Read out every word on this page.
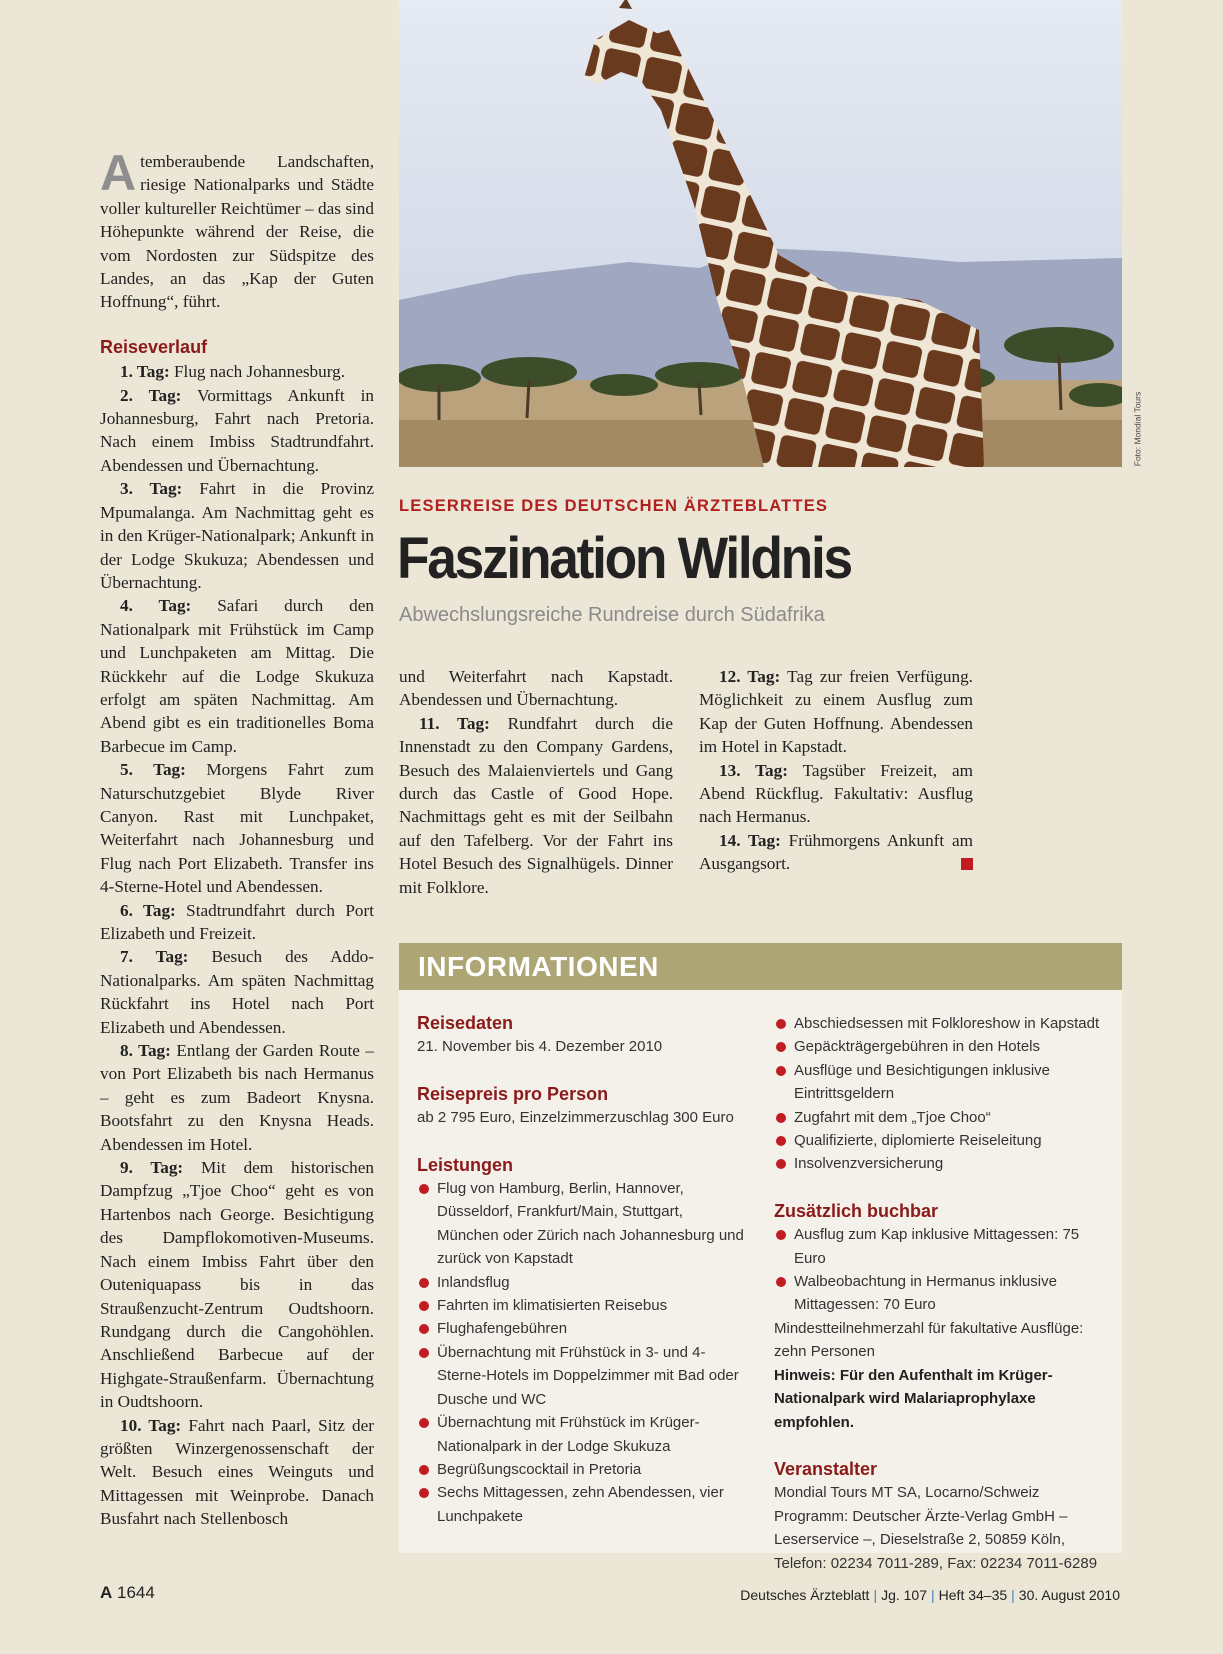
Atemberaubende Landschaften, riesige Nationalparks und Städte voller kultureller Reichtümer – das sind Höhepunkte während der Reise, die vom Nordosten zur Südspitze des Landes, an das „Kap der Guten Hoffnung“, führt.

Reiseverlauf

1. Tag: Flug nach Johannesburg.

2. Tag: Vormittags Ankunft in Johannesburg, Fahrt nach Pretoria. Nach einem Imbiss Stadtrundfahrt. Abendessen und Übernachtung.

3. Tag: Fahrt in die Provinz Mpumalanga. Am Nachmittag geht es in den Krüger-Nationalpark; Ankunft in der Lodge Skukuza; Abendessen und Übernachtung.

4. Tag: Safari durch den Nationalpark mit Frühstück im Camp und Lunchpaketen am Mittag. Die Rückkehr auf die Lodge Skukuza erfolgt am späten Nachmittag. Am Abend gibt es ein traditionelles Boma Barbecue im Camp.

5. Tag: Morgens Fahrt zum Naturschutzgebiet Blyde River Canyon. Rast mit Lunchpaket, Weiterfahrt nach Johannesburg und Flug nach Port Elizabeth. Transfer ins 4-Sterne-Hotel und Abendessen.

6. Tag: Stadtrundfahrt durch Port Elizabeth und Freizeit.

7. Tag: Besuch des Addo-Nationalparks. Am späten Nachmittag Rückfahrt ins Hotel nach Port Elizabeth und Abendessen.

8. Tag: Entlang der Garden Route – von Port Elizabeth bis nach Hermanus – geht es zum Badeort Knysna. Bootsfahrt zu den Knysna Heads. Abendessen im Hotel.

9. Tag: Mit dem historischen Dampfzug „Tjoe Choo“ geht es von Hartenbos nach George. Besichtigung des Dampflokomotiven-Museums. Nach einem Imbiss Fahrt über den Outeniquapass bis in das Straußenzucht-Zentrum Oudtshoorn. Rundgang durch die Cangohöhlen. Anschließend Barbecue auf der Highgate-Straußenfarm. Übernachtung in Oudtshoorn.

10. Tag: Fahrt nach Paarl, Sitz der größten Winzergenossenschaft der Welt. Besuch eines Weinguts und Mittagessen mit Weinprobe. Danach Busfahrt nach Stellenbosch

Foto: Mondial Tours
LESERREISE DES DEUTSCHEN ÄRZTEBLATTES
Faszination Wildnis
Abwechslungsreiche Rundreise durch Südafrika

und Weiterfahrt nach Kapstadt. Abendessen und Übernachtung.

11. Tag: Rundfahrt durch die Innenstadt zu den Company Gardens, Besuch des Malaienviertels und Gang durch das Castle of Good Hope. Nachmittags geht es mit der Seilbahn auf den Tafelberg. Vor der Fahrt ins Hotel Besuch des Signalhügels. Dinner mit Folklore.

12. Tag: Tag zur freien Verfügung. Möglichkeit zu einem Ausflug zum Kap der Guten Hoffnung. Abendessen im Hotel in Kapstadt.

13. Tag: Tagsüber Freizeit, am Abend Rückflug. Fakultativ: Ausflug nach Hermanus.

14. Tag: Frühmorgens Ankunft am Ausgangsort.

INFORMATIONEN

Reisedaten

21. November bis 4. Dezember 2010

Reisepreis pro Person

ab 2 795 Euro, Einzelzimmerzuschlag 300 Euro

Leistungen

Flug von Hamburg, Berlin, Hannover, Düsseldorf, Frankfurt/Main, Stuttgart, München oder Zürich nach Johannesburg und zurück von Kapstadt
Inlandsflug
Fahrten im klimatisierten Reisebus
Flughafengebühren
Übernachtung mit Frühstück in 3- und 4-Sterne-Hotels im Doppelzimmer mit Bad oder Dusche und WC
Übernachtung mit Frühstück im Krüger-Nationalpark in der Lodge Skukuza
Begrüßungscocktail in Pretoria
Sechs Mittagessen, zehn Abendessen, vier Lunchpakete
Abschiedsessen mit Folkloreshow in Kapstadt
Gepäckträgergebühren in den Hotels
Ausflüge und Besichtigungen inklusive Eintrittsgeldern
Zugfahrt mit dem „Tjoe Choo“
Qualifizierte, diplomierte Reiseleitung
Insolvenzversicherung

Zusätzlich buchbar

Ausflug zum Kap inklusive Mittagessen: 75 Euro
Walbeobachtung in Hermanus inklusive Mittagessen: 70 Euro

Mindestteilnehmerzahl für fakultative Ausflüge: zehn Personen

Hinweis: Für den Aufenthalt im Krüger-Nationalpark wird Malariaprophylaxe empfohlen.

Veranstalter

Mondial Tours MT SA, Locarno/Schweiz

Programm: Deutscher Ärzte-Verlag GmbH – Leserservice –, Dieselstraße 2, 50859 Köln, Telefon: 02234 7011-289, Fax: 02234 7011-6289

A 1644	Deutsches Ärzteblatt | Jg. 107 | Heft 34–35 | 30. August 2010
